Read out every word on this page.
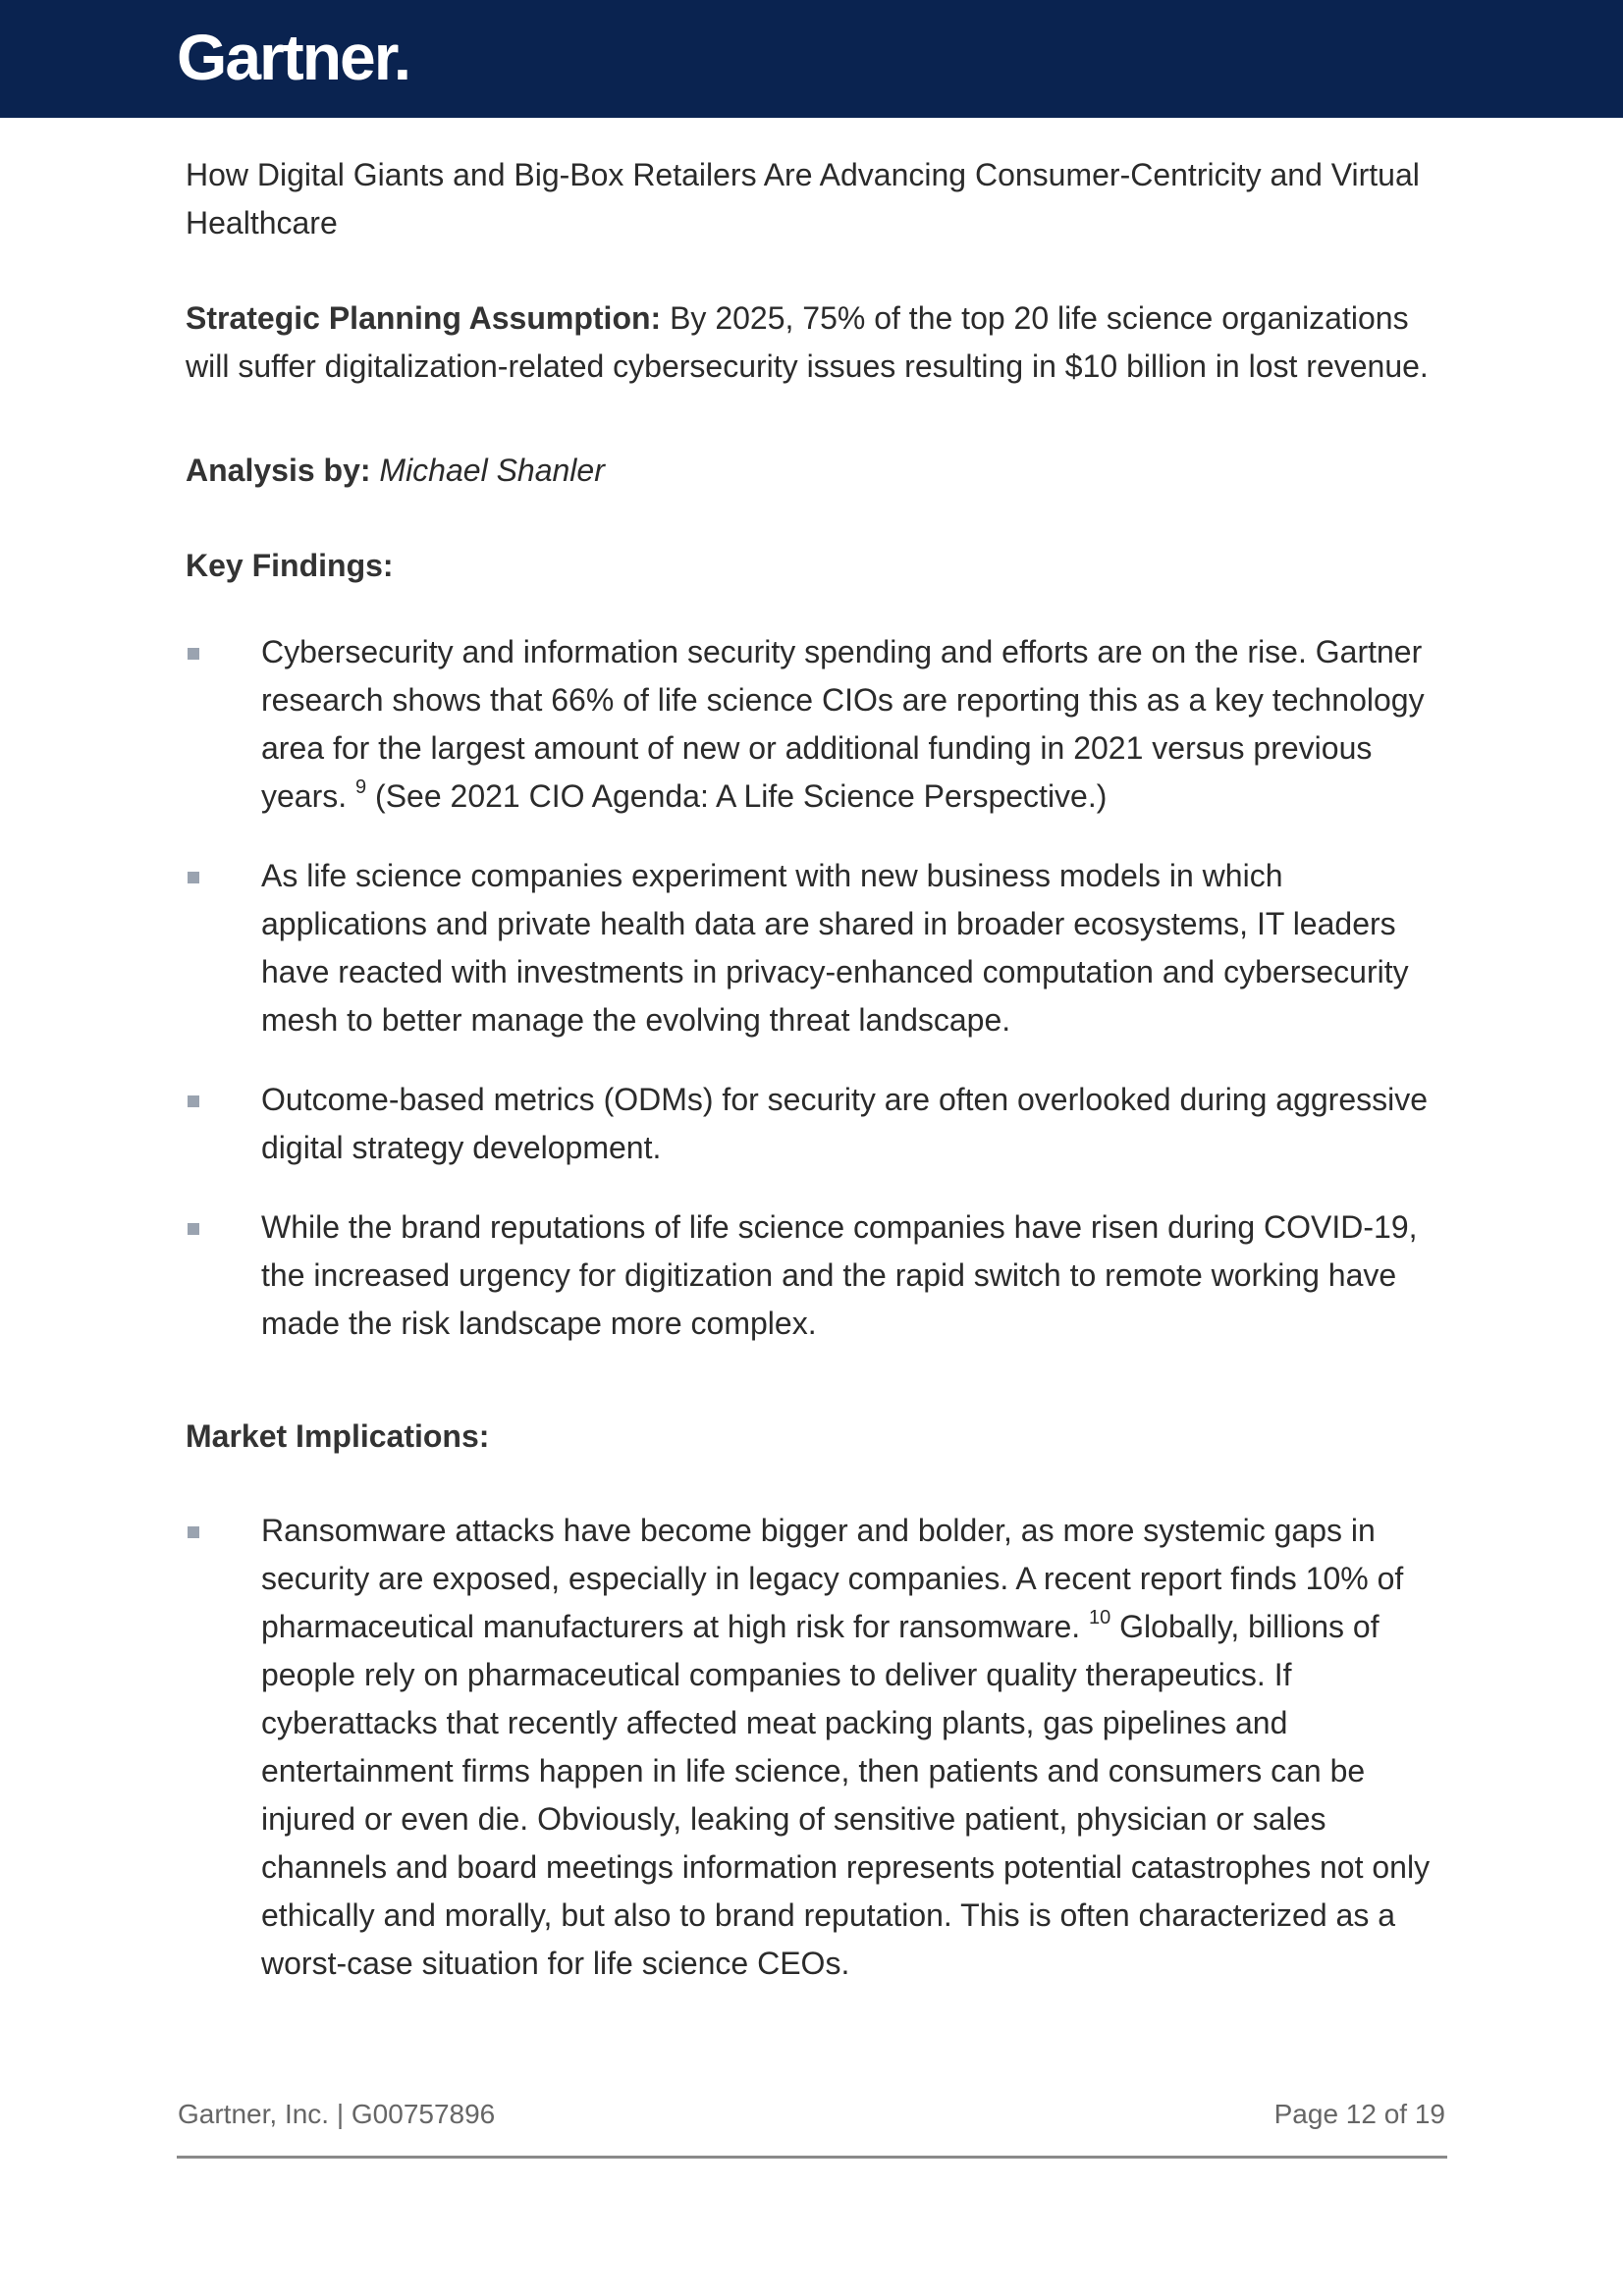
Gartner.
How Digital Giants and Big-Box Retailers Are Advancing Consumer-Centricity and Virtual Healthcare
Strategic Planning Assumption: By 2025, 75% of the top 20 life science organizations will suffer digitalization-related cybersecurity issues resulting in $10 billion in lost revenue.
Analysis by: Michael Shanler
Key Findings:
Cybersecurity and information security spending and efforts are on the rise. Gartner research shows that 66% of life science CIOs are reporting this as a key technology area for the largest amount of new or additional funding in 2021 versus previous years. $^9$ (See 2021 CIO Agenda: A Life Science Perspective.)
As life science companies experiment with new business models in which applications and private health data are shared in broader ecosystems, IT leaders have reacted with investments in privacy-enhanced computation and cybersecurity mesh to better manage the evolving threat landscape.
Outcome-based metrics (ODMs) for security are often overlooked during aggressive digital strategy development.
While the brand reputations of life science companies have risen during COVID-19, the increased urgency for digitization and the rapid switch to remote working have made the risk landscape more complex.
Market Implications:
Ransomware attacks have become bigger and bolder, as more systemic gaps in security are exposed, especially in legacy companies. A recent report finds 10% of pharmaceutical manufacturers at high risk for ransomware. $^{10}$ Globally, billions of people rely on pharmaceutical companies to deliver quality therapeutics. If cyberattacks that recently affected meat packing plants, gas pipelines and entertainment firms happen in life science, then patients and consumers can be injured or even die. Obviously, leaking of sensitive patient, physician or sales channels and board meetings information represents potential catastrophes not only ethically and morally, but also to brand reputation. This is often characterized as a worst-case situation for life science CEOs.
Gartner, Inc. | G00757896	Page 12 of 19
